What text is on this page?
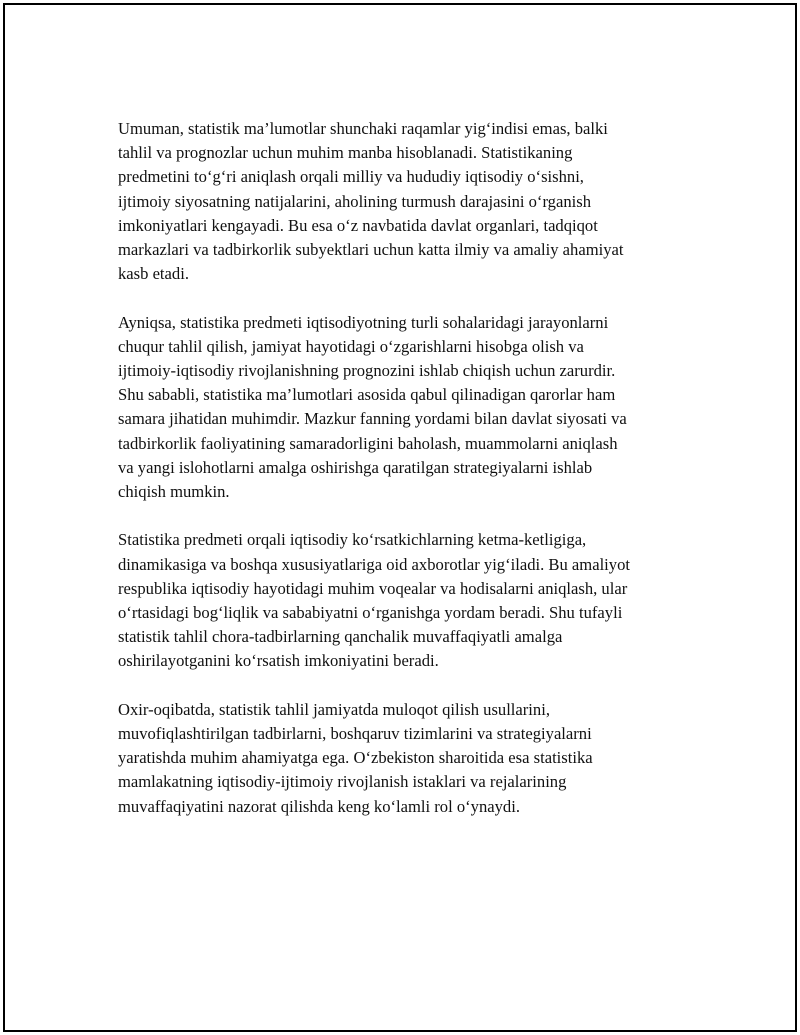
Umuman, statistik ma’lumotlar shunchaki raqamlar yig‘indisi emas, balki
tahlil va prognozlar uchun muhim manba hisoblanadi. Statistikaning
predmetini to‘g‘ri aniqlash orqali milliy va hududiy iqtisodiy o‘sishni,
ijtimoiy siyosatning natijalarini, aholining turmush darajasini o‘rganish
imkoniyatlari kengayadi. Bu esa o‘z navbatida davlat organlari, tadqiqot
markazlari va tadbirkorlik subyektlari uchun katta ilmiy va amaliy ahamiyat
kasb etadi.
Ayniqsa, statistika predmeti iqtisodiyotning turli sohalaridagi jarayonlarni
chuqur tahlil qilish, jamiyat hayotidagi o‘zgarishlarni hisobga olish va
ijtimoiy-iqtisodiy rivojlanishning prognozini ishlab chiqish uchun zarurdir.
Shu sababli, statistika ma’lumotlari asosida qabul qilinadigan qarorlar ham
samara jihatidan muhimdir. Mazkur fanning yordami bilan davlat siyosati va
tadbirkorlik faoliyatining samaradorligini baholash, muammolarni aniqlash
va yangi islohotlarni amalga oshirishga qaratilgan strategiyalarni ishlab
chiqish mumkin.
Statistika predmeti orqali iqtisodiy ko‘rsatkichlarning ketma-ketligiga,
dinamikasiga va boshqa xususiyatlariga oid axborotlar yig‘iladi. Bu amaliyot
respublika iqtisodiy hayotidagi muhim voqealar va hodisalarni aniqlash, ular
o‘rtasidagi bog‘liqlik va sababiyatni o‘rganishga yordam beradi. Shu tufayli
statistik tahlil chora-tadbirlarning qanchalik muvaffaqiyatli amalga
oshirilayotganini ko‘rsatish imkoniyatini beradi.
Oxir-oqibatda, statistik tahlil jamiyatda muloqot qilish usullarini,
muvofiqlashtirilgan tadbirlarni, boshqaruv tizimlarini va strategiyalarni
yaratishda muhim ahamiyatga ega. O‘zbekiston sharoitida esa statistika
mamlakatning iqtisodiy-ijtimoiy rivojlanish istaklari va rejalarining
muvaffaqiyatini nazorat qilishda keng ko‘lamli rol o‘ynaydi.
